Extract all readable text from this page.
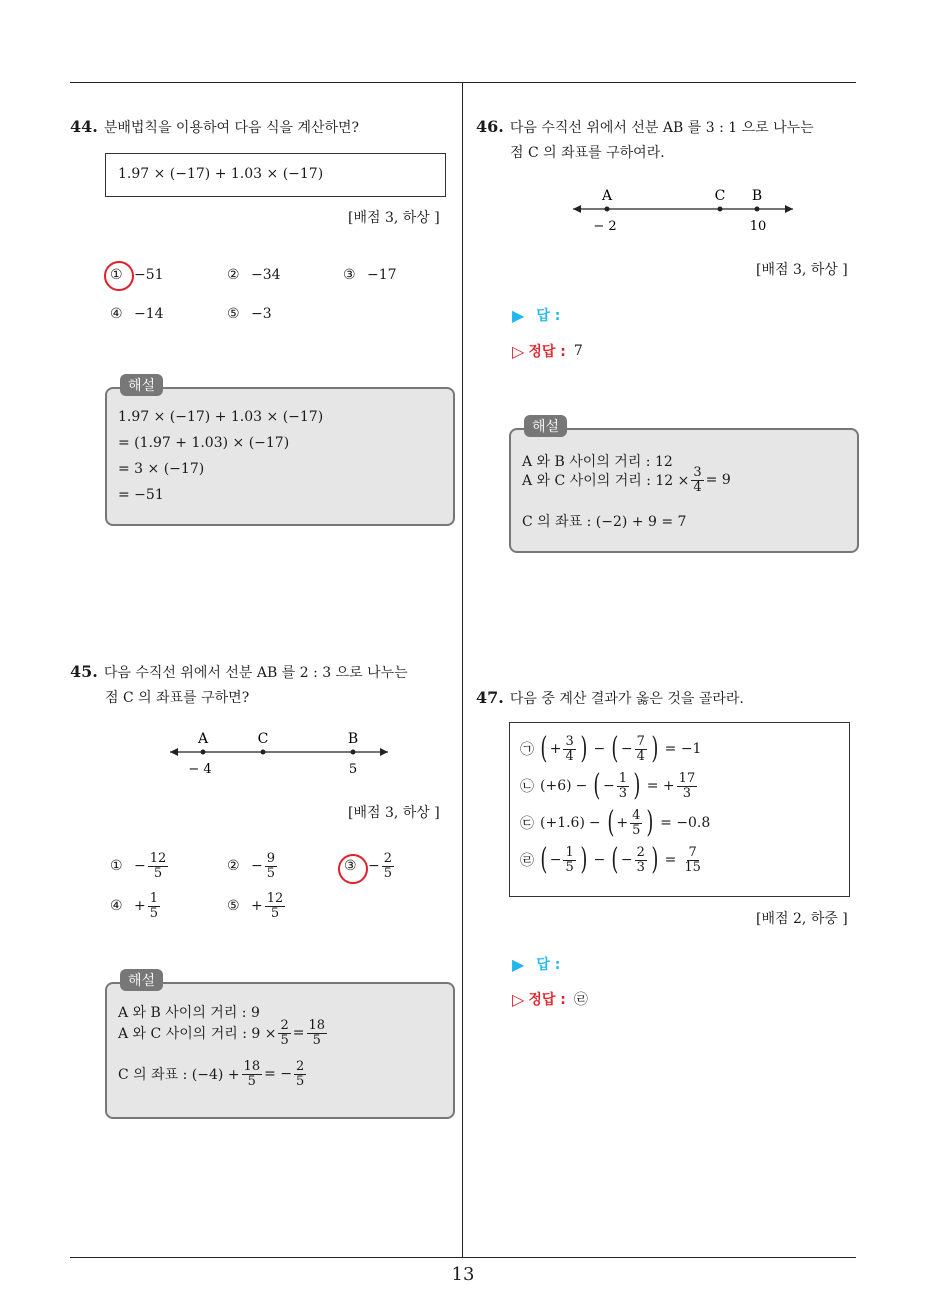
44. 분배법칙을 이용하여 다음 식을 계산하면?
1.97 × (−17) + 1.03 × (−17)
[배점 3, 하상 ]
① −51	② −34	③ −17
④ −14	⑤ −3
해설
1.97 × (−17) + 1.03 × (−17)
= (1.97 + 1.03) × (−17)
= 3 × (−17)
= −51
45. 다음 수직선 위에서 선분 AB 를 2 : 3 으로 나누는
점 C 의 좌표를 구하면?
A	C	B
− 4	5
[배점 3, 하상 ]
① − $\frac{12}{5}$	② − $\frac{9}{5}$	③ − $\frac{2}{5}$
④ + $\frac{1}{5}$	⑤ + $\frac{12}{5}$
해설
A 와 B 사이의 거리 : 9
A 와 C 사이의 거리 : $9 \times \frac{2}{5} = \frac{18}{5}$
C 의 좌표 : $(-4) + \frac{18}{5}$ = − $\frac{2}{5}$
46. 다음 수직선 위에서 선분 AB 를 3 : 1 으로 나누는
점 C 의 좌표를 구하여라.
A	C B
− 2	10
[배점 3, 하상 ]
▶ 답 :
▷ 정답 : 7
해설
A 와 B 사이의 거리 : 12
A 와 C 사이의 거리 : $12 \times \frac{3}{4} = 9$
C 의 좌표 : (−2) + 9 = 7
47. 다음 중 계산 결과가 옳은 것을 골라라.
㉠ ( + $\frac{3}{4}$ ) − ( − $\frac{7}{4}$ ) = −1
㉡ (+6) − ( − $\frac{1}{3}$ ) = + $\frac{17}{3}$
㉢ (+1.6) − ( + $\frac{4}{5}$ ) = −0.8
㉣ ( − $\frac{1}{5}$ ) − ( − $\frac{2}{3}$ ) = $\frac{7}{15}$
[배점 2, 하중 ]
▶ 답 :
▷ 정답 : ㉣
13
